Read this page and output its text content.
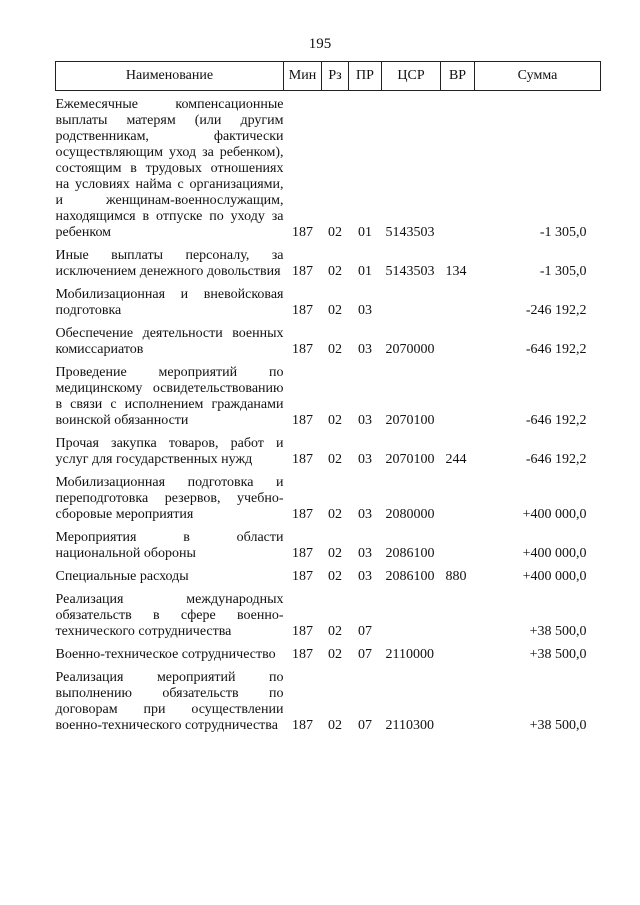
195
Наименование	Мин	Рз	ПР	ЦСР	ВР	Сумма
Ежемесячные компенсационные выплаты матерям (или другим родственникам, фактически осуществляющим уход за ребенком), состоящим в трудовых отношениях на условиях найма с организациями, и женщинам-военнослужащим, находящимся в отпуске по уходу за ребенком	187	02	01	5143503		-1 305,0
Иные выплаты персоналу, за исключением денежного довольствия	187	02	01	5143503	134	-1 305,0
Мобилизационная и вневойсковая подготовка	187	02	03			-246 192,2
Обеспечение деятельности военных комиссариатов	187	02	03	2070000		-646 192,2
Проведение мероприятий по медицинскому освидетельствованию в связи с исполнением гражданами воинской обязанности	187	02	03	2070100		-646 192,2
Прочая закупка товаров, работ и услуг для государственных нужд	187	02	03	2070100	244	-646 192,2
Мобилизационная подготовка и переподготовка резервов, учебно-сборовые мероприятия	187	02	03	2080000		+400 000,0
Мероприятия в области национальной обороны	187	02	03	2086100		+400 000,0
Специальные расходы	187	02	03	2086100	880	+400 000,0
Реализация международных обязательств в сфере военно-технического сотрудничества	187	02	07			+38 500,0
Военно-техническое сотрудничество	187	02	07	2110000		+38 500,0
Реализация мероприятий по выполнению обязательств по договорам при осуществлении военно-технического сотрудничества	187	02	07	2110300		+38 500,0
